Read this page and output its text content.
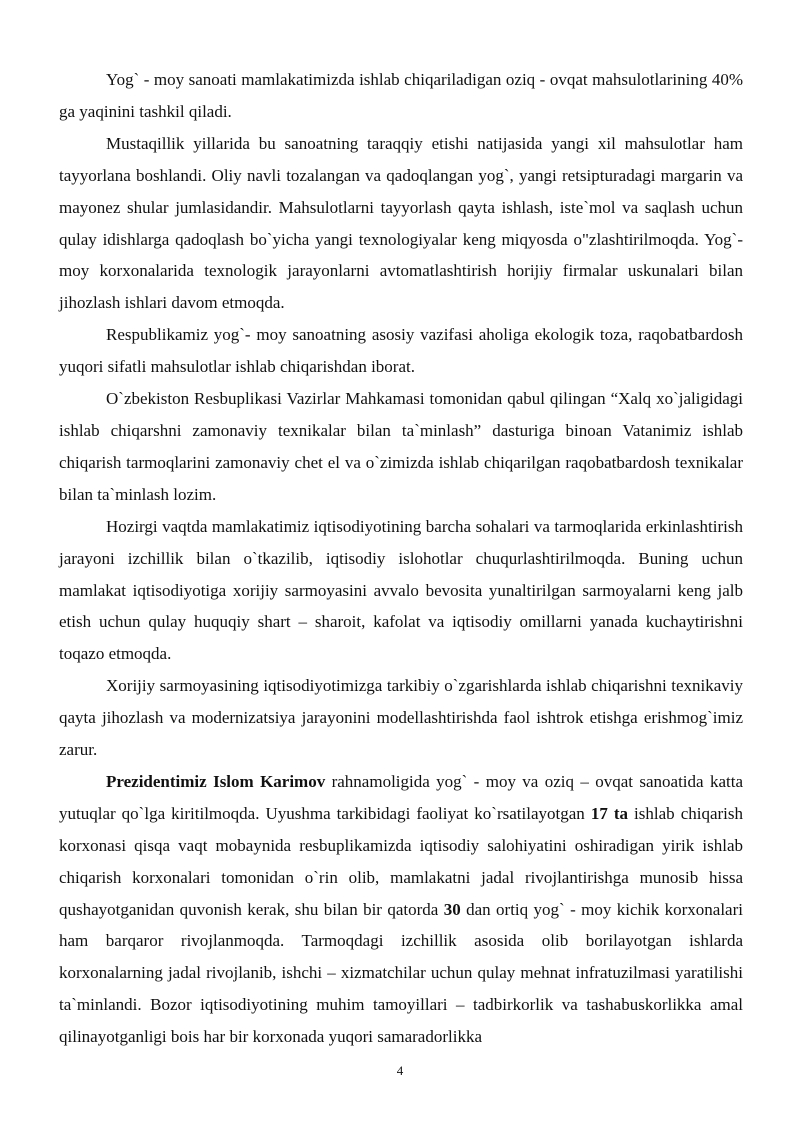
Yog` - moy sanoati mamlakatimizda ishlab chiqariladigan oziq - ovqat mahsulotlarining 40% ga yaqinini tashkil qiladi.

Mustaqillik yillarida bu sanoatning taraqqiy etishi natijasida yangi xil mahsulotlar ham tayyorlana boshlandi. Oliy navli tozalangan va qadoqlangan yog`, yangi retsipturadagi margarin va mayonez shular jumlasidandir. Mahsulotlarni tayyorlash qayta ishlash, iste`mol va saqlash uchun qulay idishlarga qadoqlash bo`yicha yangi texnologiyalar keng miqyosda o"zlashtirilmoqda. Yog`- moy korxonalarida texnologik jarayonlarni avtomatlashtirish horijiy firmalar uskunalari bilan jihozlash ishlari davom etmoqda.

Respublikamiz yog`- moy sanoatning asosiy vazifasi aholiga ekologik toza, raqobatbardosh yuqori sifatli mahsulotlar ishlab chiqarishdan iborat.

O`zbekiston Resbuplikasi Vazirlar Mahkamasi tomonidan qabul qilingan “Xalq xo`jaligidagi ishlab chiqarshni zamonaviy texnikalar bilan ta`minlash” dasturiga binoan Vatanimiz ishlab chiqarish tarmoqlarini zamonaviy chet el va o`zimizda ishlab chiqarilgan raqobatbardosh texnikalar bilan ta`minlash lozim.

Hozirgi vaqtda mamlakatimiz iqtisodiyotining barcha sohalari va tarmoqlarida erkinlashtirish jarayoni izchillik bilan o`tkazilib, iqtisodiy islohotlar chuqurlashtirilmoqda. Buning uchun mamlakat iqtisodiyotiga xorijiy sarmoyasini avvalo bevosita yunaltirilgan sarmoyalarni keng jalb etish uchun qulay huquqiy shart – sharoit, kafolat va iqtisodiy omillarni yanada kuchaytirishni toqazo etmoqda.

Xorijiy sarmoyasining iqtisodiyotimizga tarkibiy o`zgarishlarda ishlab chiqarishni texnikaviy qayta jihozlash va modernizatsiya jarayonini modellashtirishda faol ishtrok etishga erishmog`imiz zarur.

Prezidentimiz Islom Karimov rahnamoligida yog` - moy va oziq – ovqat sanoatida katta yutuqlar qo`lga kiritilmoqda. Uyushma tarkibidagi faoliyat ko`rsatilayotgan 17 ta ishlab chiqarish korxonasi qisqa vaqt mobaynida resbuplikamizda iqtisodiy salohiyatini oshiradigan yirik ishlab chiqarish korxonalari tomonidan o`rin olib, mamlakatni jadal rivojlantirishga munosib hissa qushayotganidan quvonish kerak, shu bilan bir qatorda 30 dan ortiq yog` - moy kichik korxonalari ham barqaror rivojlanmoqda. Tarmoqdagi izchillik asosida olib borilayotgan ishlarda korxonalarning jadal rivojlanib, ishchi – xizmatchilar uchun qulay mehnat infratuzilmasi yaratilishi ta`minlandi. Bozor iqtisodiyotining muhim tamoyillari – tadbirkorlik va tashabuskorlikka amal qilinayotganligi bois har bir korxonada yuqori samaradorlikka

4
